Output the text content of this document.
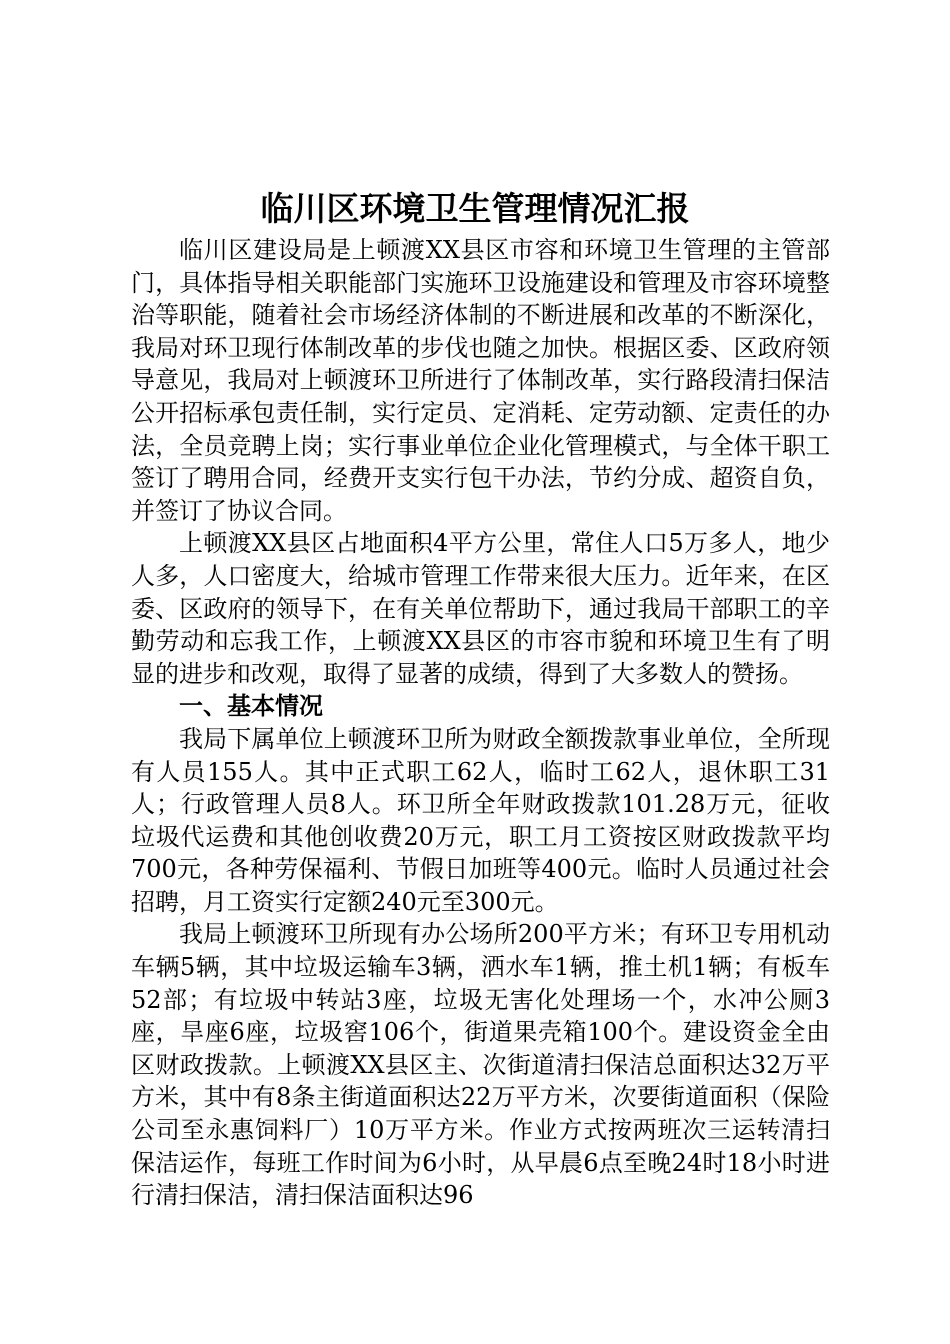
临川区环境卫生管理情况汇报

临川区建设局是上顿渡XX县区市容和环境卫生管理的主管部门，具体指导相关职能部门实施环卫设施建设和管理及市容环境整治等职能，随着社会市场经济体制的不断进展和改革的不断深化，我局对环卫现行体制改革的步伐也随之加快。根据区委、区政府领导意见，我局对上顿渡环卫所进行了体制改革，实行路段清扫保洁公开招标承包责任制，实行定员、定消耗、定劳动额、定责任的办法，全员竞聘上岗；实行事业单位企业化管理模式，与全体干职工签订了聘用合同，经费开支实行包干办法，节约分成、超资自负，并签订了协议合同。

上顿渡XX县区占地面积4平方公里，常住人口5万多人，地少人多，人口密度大，给城市管理工作带来很大压力。近年来，在区委、区政府的领导下，在有关单位帮助下，通过我局干部职工的辛勤劳动和忘我工作，上顿渡XX县区的市容市貌和环境卫生有了明显的进步和改观，取得了显著的成绩，得到了大多数人的赞扬。

一、基本情况

我局下属单位上顿渡环卫所为财政全额拨款事业单位，全所现有人员155人。其中正式职工62人，临时工62人，退休职工31人；行政管理人员8人。环卫所全年财政拨款101.28万元，征收垃圾代运费和其他创收费20万元，职工月工资按区财政拨款平均700元，各种劳保福利、节假日加班等400元。临时人员通过社会招聘，月工资实行定额240元至300元。

我局上顿渡环卫所现有办公场所200平方米；有环卫专用机动车辆5辆，其中垃圾运输车3辆，洒水车1辆，推土机1辆；有板车52部；有垃圾中转站3座，垃圾无害化处理场一个，水冲公厕3座，旱座6座，垃圾窖106个，街道果壳箱100个。建设资金全由区财政拨款。上顿渡XX县区主、次街道清扫保洁总面积达32万平方米，其中有8条主街道面积达22万平方米，次要街道面积（保险公司至永惠饲料厂）10万平方米。作业方式按两班次三运转清扫保洁运作，每班工作时间为6小时，从早晨6点至晚24时18小时进行清扫保洁，清扫保洁面积达96
